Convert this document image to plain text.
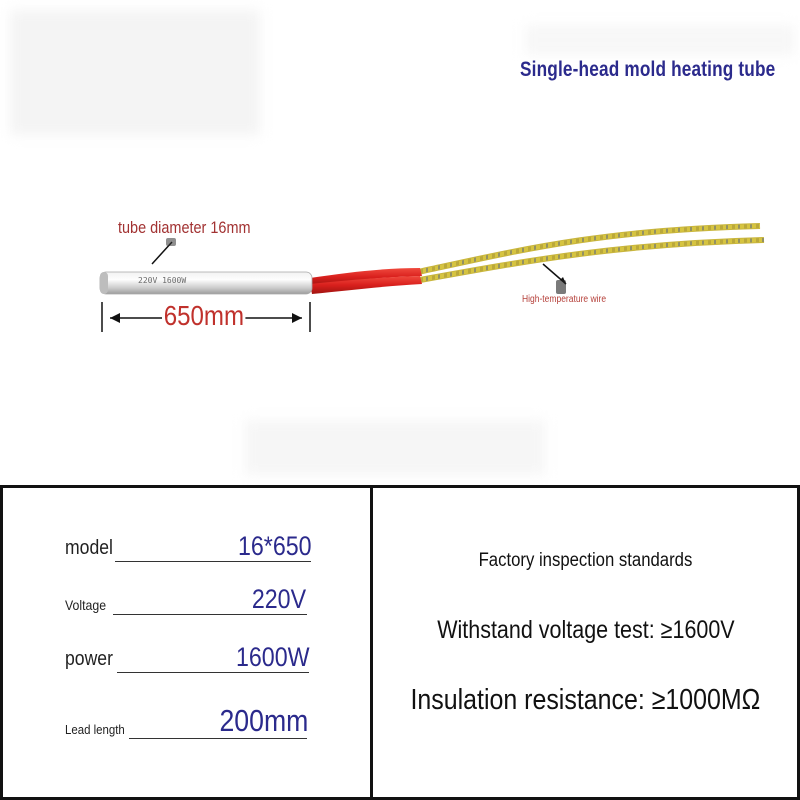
Single-head mold heating tube
220V 1600W
tube diameter 16mm
650mm
High-temperature wire
model	16*650
Voltage	220V
power	1600W
Lead length	200mm
Factory inspection standards
Withstand voltage test: ≥1600V
Insulation resistance: ≥1000MΩ
